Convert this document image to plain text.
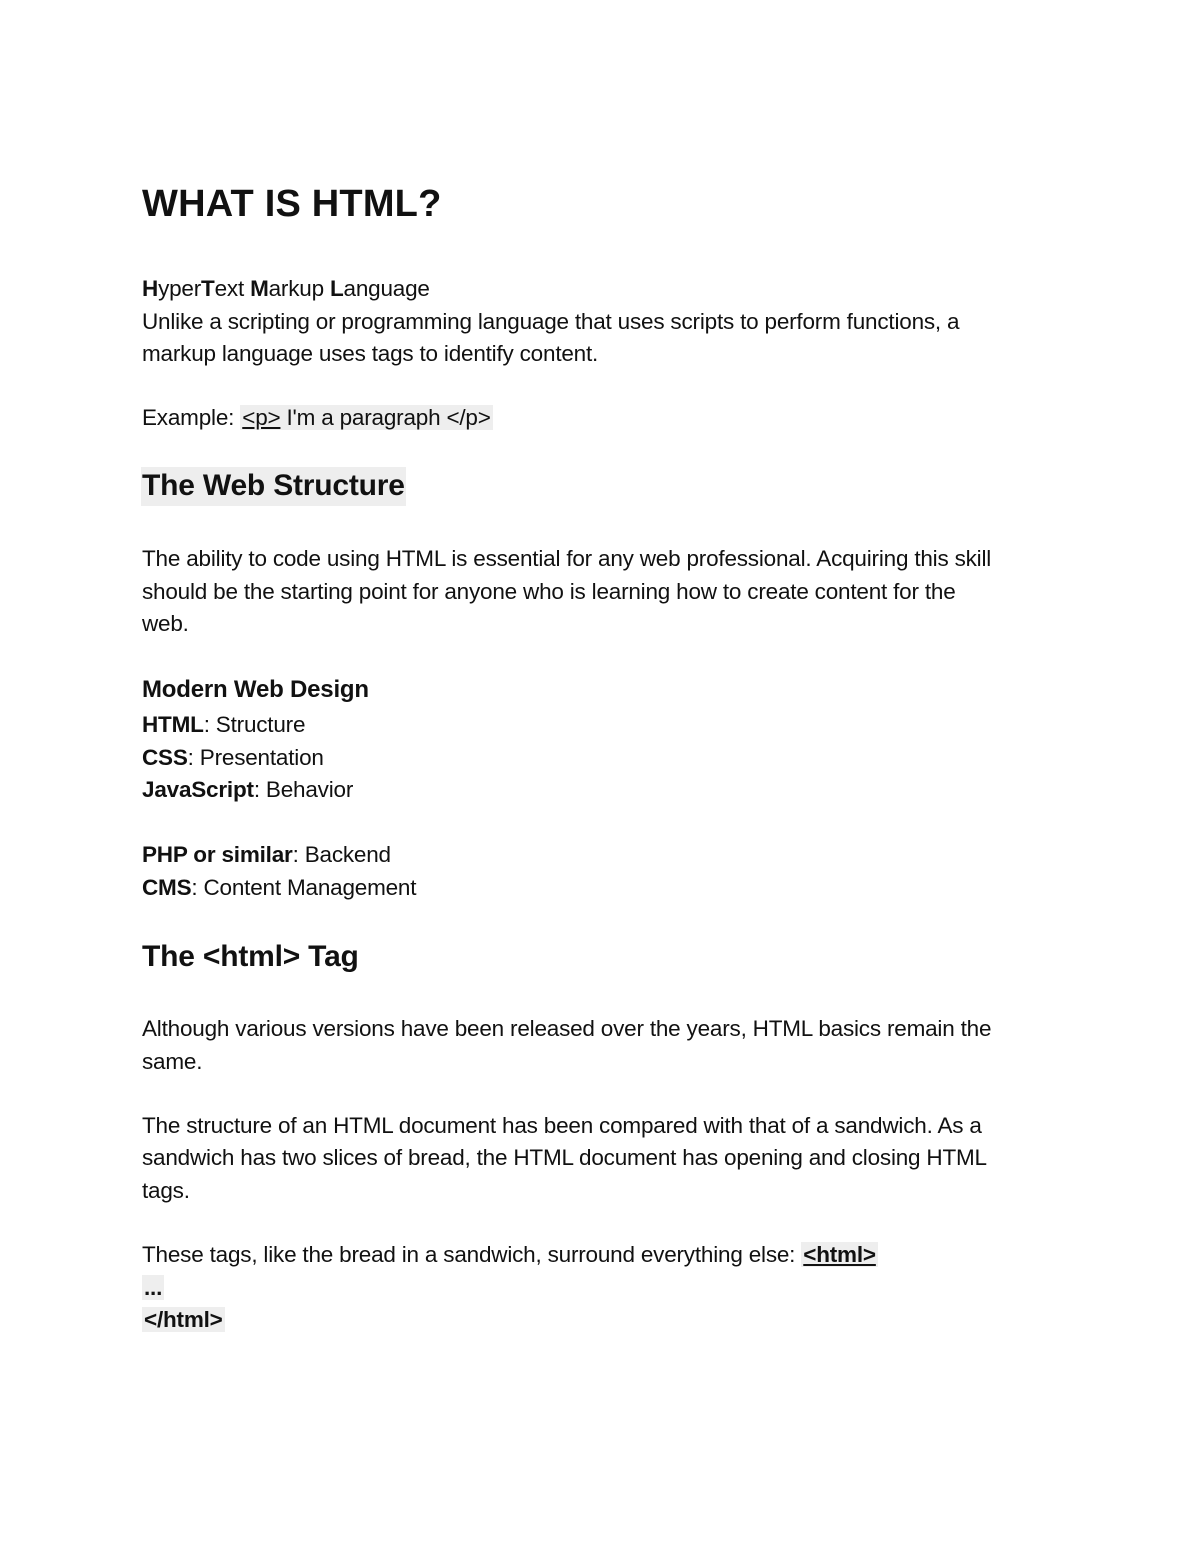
WHAT IS HTML?
HyperText Markup Language
Unlike a scripting or programming language that uses scripts to perform functions, a
markup language uses tags to identify content.
Example: <p> I'm a paragraph </p>
The Web Structure
The ability to code using HTML is essential for any web professional. Acquiring this skill
should be the starting point for anyone who is learning how to create content for the
web.
Modern Web Design
HTML: Structure
CSS: Presentation
JavaScript: Behavior
PHP or similar: Backend
CMS: Content Management
The <html> Tag
Although various versions have been released over the years, HTML basics remain the
same.
The structure of an HTML document has been compared with that of a sandwich. As a
sandwich has two slices of bread, the HTML document has opening and closing HTML
tags.
These tags, like the bread in a sandwich, surround everything else: <html>
...
</html>
